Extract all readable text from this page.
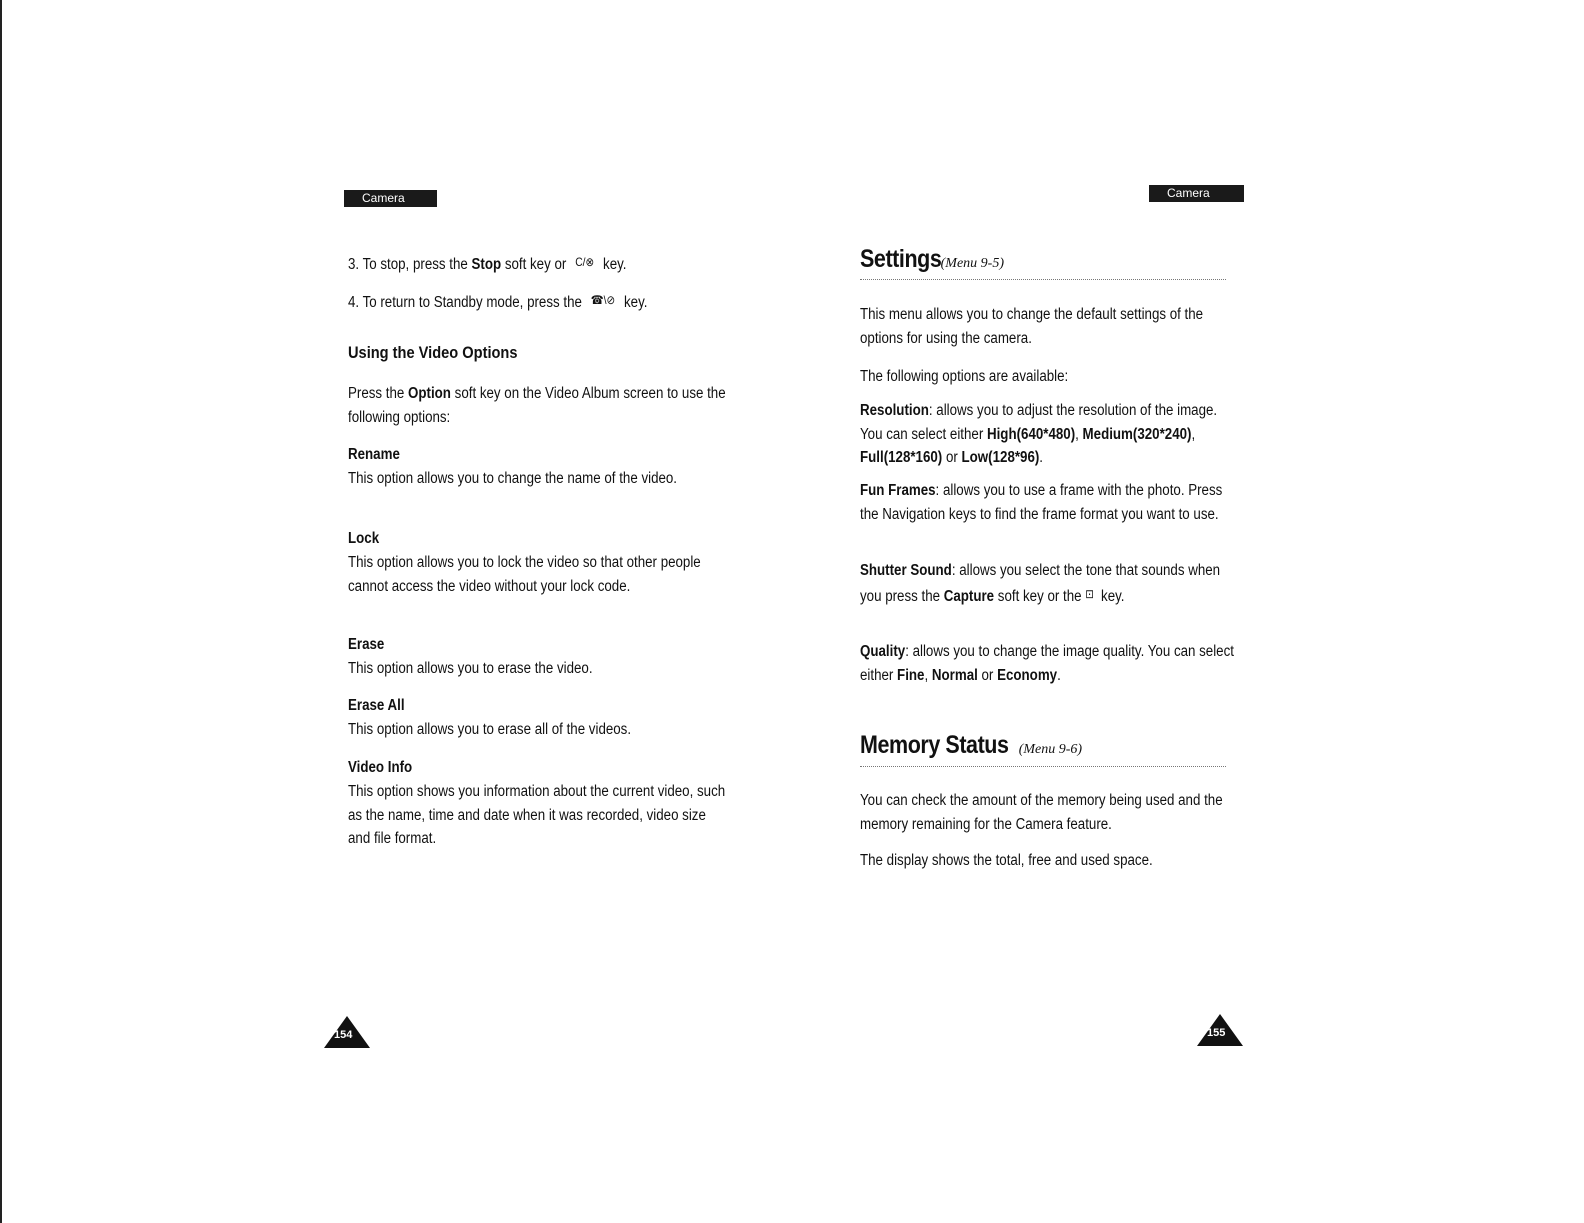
Camera
3. To stop, press the Stop soft key or C/⊗ key.
4. To return to Standby mode, press the ☎\⊘ key.
Using the Video Options
Press the Option soft key on the Video Album screen to use the following options:
Rename
This option allows you to change the name of the video.
Lock
This option allows you to lock the video so that other people cannot access the video without your lock code.
Erase
This option allows you to erase the video.
Erase All
This option allows you to erase all of the videos.
Video Info
This option shows you information about the current video, such as the name, time and date when it was recorded, video size and file format.
154
Camera
Settings(Menu 9-5)
This menu allows you to change the default settings of the options for using the camera.
The following options are available:
Resolution: allows you to adjust the resolution of the image. You can select either High(640*480), Medium(320*240), Full(128*160) or Low(128*96).
Fun Frames: allows you to use a frame with the photo. Press the Navigation keys to find the frame format you want to use.
Shutter Sound: allows you select the tone that sounds when you press the Capture soft key or the ⊡ key.
Quality: allows you to change the image quality. You can select either Fine, Normal or Economy.
Memory Status (Menu 9-6)
You can check the amount of the memory being used and the memory remaining for the Camera feature.
The display shows the total, free and used space.
155
